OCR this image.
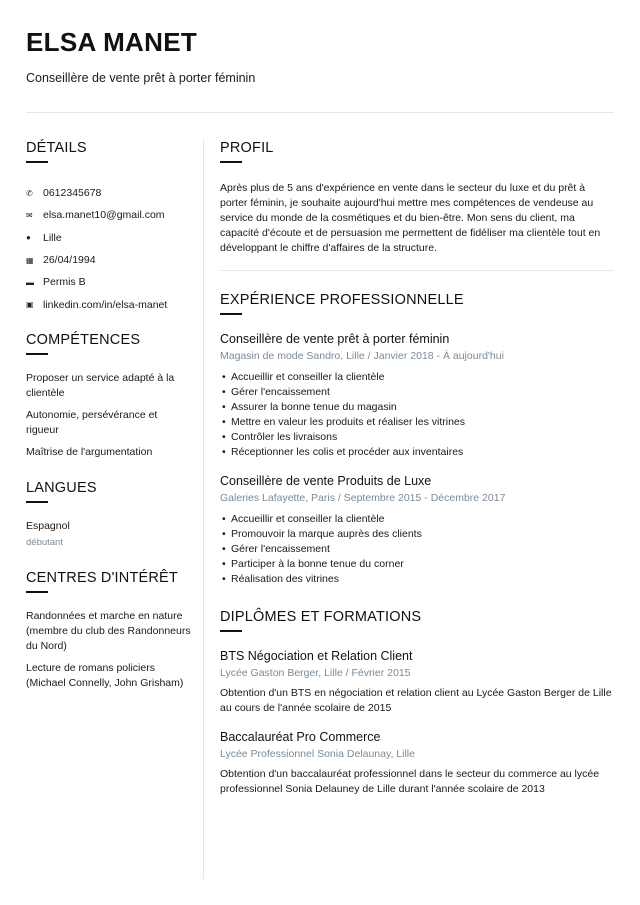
ELSA MANET
Conseillère de vente prêt à porter féminin
DÉTAILS
✆ 0612345678
✉ elsa.manet10@gmail.com
●	Lille
▦ 26/04/1994
▬ Permis B
▣ linkedin.com/in/elsa-manet
COMPÉTENCES
Proposer un service adapté à la clientèle
Autonomie, persévérance et rigueur
Maîtrise de l'argumentation
LANGUES
Espagnol
débutant
CENTRES D'INTÉRÊT
Randonnées et marche en nature (membre du club des Randonneurs du Nord)
Lecture de romans policiers (Michael Connelly, John Grisham)
PROFIL
Après plus de 5 ans d'expérience en vente dans le secteur du luxe et du prêt à porter féminin, je souhaite aujourd'hui mettre mes compétences de vendeuse au service du monde de la cosmétiques et du bien-être. Mon sens du client, ma capacité d'écoute et de persuasion me permettent de fidéliser ma clientèle tout en développant le chiffre d'affaires de la structure.
EXPÉRIENCE PROFESSIONNELLE
Conseillère de vente prêt à porter féminin
Magasin de mode Sandro, Lille / Janvier 2018 - À aujourd'hui
• Accueillir et conseiller la clientèle
• Gérer l'encaissement
• Assurer la bonne tenue du magasin
• Mettre en valeur les produits et réaliser les vitrines
• Contrôler les livraisons
• Réceptionner les colis et procéder aux inventaires
Conseillère de vente Produits de Luxe
Galeries Lafayette, Paris / Septembre 2015 - Décembre 2017
• Accueillir et conseiller la clientèle
• Promouvoir la marque auprès des clients
• Gérer l'encaissement
• Participer à la bonne tenue du corner
• Réalisation des vitrines
DIPLÔMES ET FORMATIONS
BTS Négociation et Relation Client
Lycée Gaston Berger, Lille / Février 2015
Obtention d'un BTS en négociation et relation client au Lycée Gaston Berger de Lille au cours de l'année scolaire de 2015
Baccalauréat Pro Commerce
Lycée Professionnel Sonia Delaunay, Lille
Obtention d'un baccalauréat professionnel dans le secteur du commerce au lycée professionnel Sonia Delauney de Lille durant l'année scolaire de 2013
